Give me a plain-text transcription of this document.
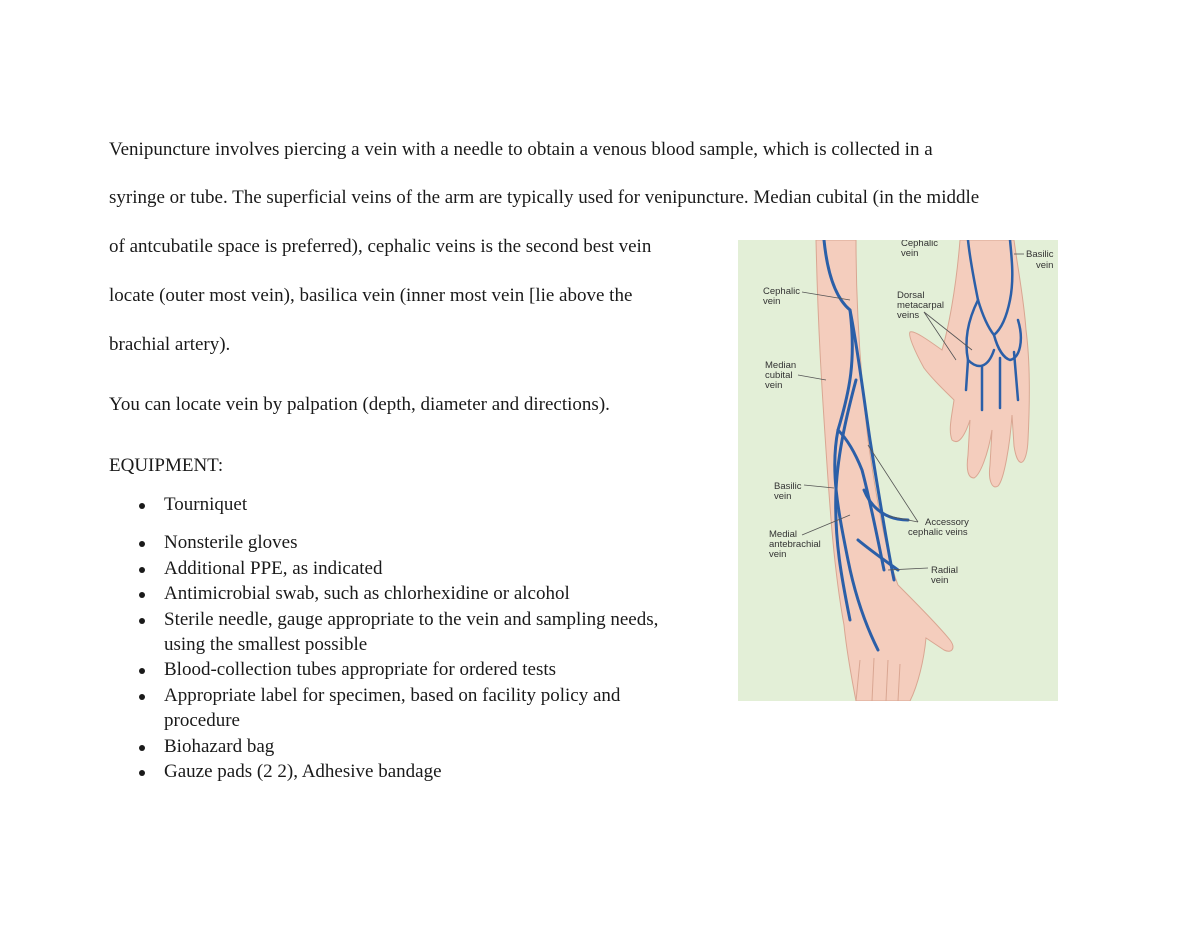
Venipuncture involves piercing a vein with a needle to obtain a venous blood sample, which is collected in a
syringe or tube. The superficial veins of the arm are typically used for venipuncture. Median cubital (in the middle
of antcubatile space is preferred), cephalic veins is the second best vein
locate (outer most vein), basilica vein (inner most vein [lie above the
brachial artery).
You can locate vein by palpation (depth, diameter and directions).
EQUIPMENT:
Tourniquet
Nonsterile gloves
Additional PPE, as indicated
Antimicrobial swab, such as chlorhexidine or alcohol
Sterile needle, gauge appropriate to the vein and sampling needs,
using the smallest possible
Blood-collection tubes appropriate for ordered tests
Appropriate label for specimen, based on facility policy and
procedure
Biohazard bag
Gauze pads (2 2), Adhesive bandage
Cephalic vein	Basilic vein
Cephalic vein
Dorsal metacarpal veins
Median cubital vein
Basilic vein
Medial antebrachial vein
Accessory cephalic veins
Radial vein
